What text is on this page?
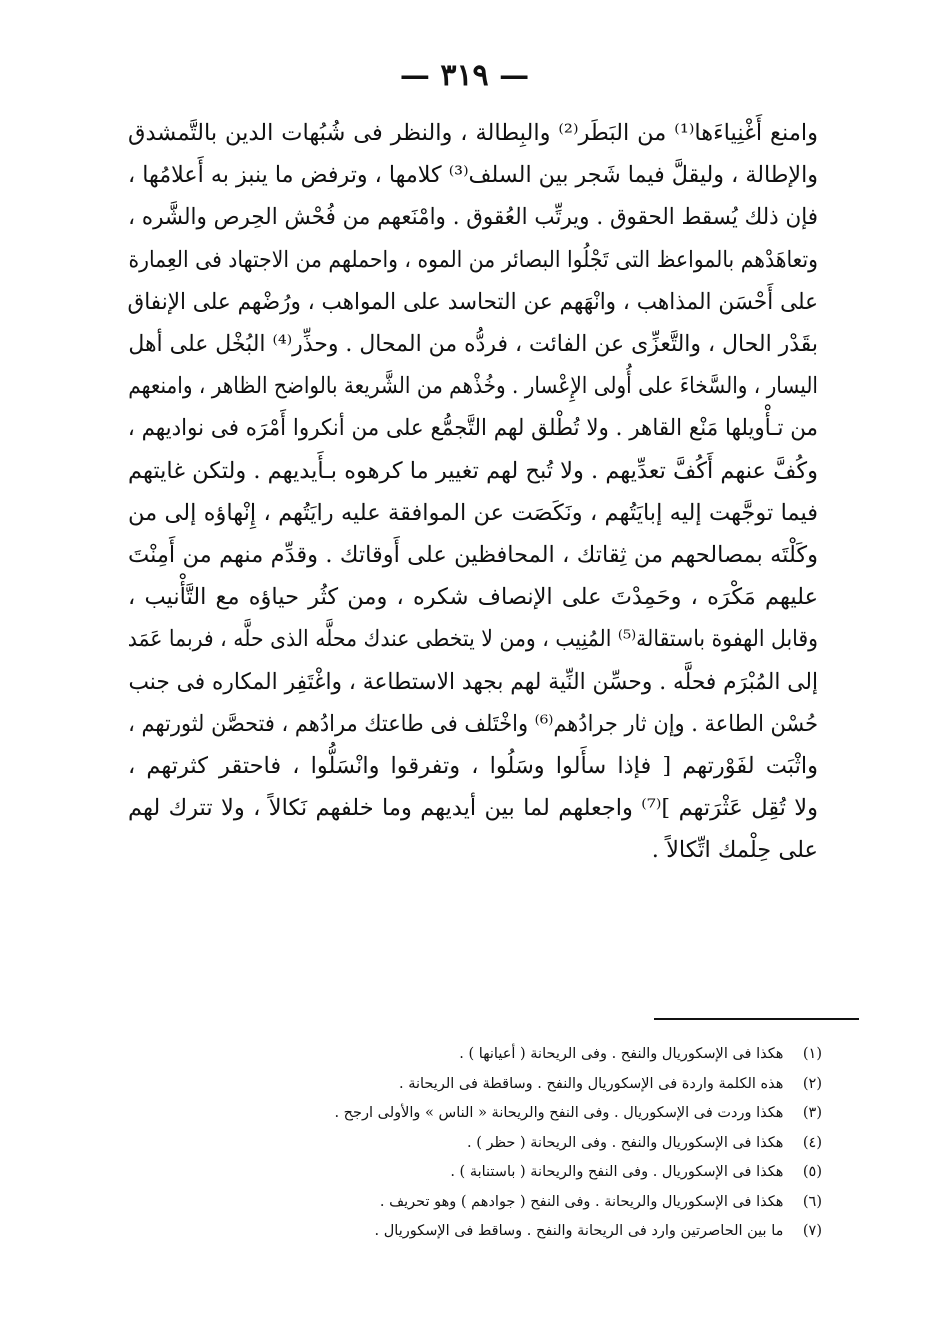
— ٣١٩ —
وامنع أَغْنِياءَها⁽¹⁾ من البَطَر⁽²⁾ والبِطالة ، والنظر فى شُبُهات الدين بالتَّمشدق
والإطالة ، وليقلَّ فيما شَجر بين السلف⁽³⁾ كلامها ، وترفض ما ينبز به أَعلامُها ،
فإن ذلك يُسقط الحقوق . ويرتِّب العُقوق . وامْنَعهم من فُحْش الحِرص والشَّره ،
وتعاهَدْهم بالمواعظ التى تَجْلُوا البصائر من الموه ، واحملهم من الاجتهاد فى العِمارة
على أَحْسَن المذاهب ، وانْهَهم عن التحاسد على المواهب ، ورُضْهم على الإنفاق
بقَدْر الحال ، والتَّعزِّى عن الفائت ، فردُّه من المحال . وحذِّر⁽⁴⁾ البُخْل على أهل
اليسار ، والسَّخاءَ على أُولى الإِعْسار . وخُذْهم من الشَّريعة بالواضح الظاهر ، وامنعهم
من تـأْويلها مَنْع القاهر . ولا تُطْلق لهم التَّجمُّع على من أنكروا أَمْرَه فى نواديهم ،
وكُفَّ عنهم أَكُفَّ تعدِّيهم . ولا تُبح لهم تغيير ما كرهوه بـأَيديهم . ولتكن غايتهم
فيما توجَّهت إليه إبايَتُهم ، ونَكَصَت عن الموافقة عليه رايَتُهم ، إِنْهاؤه إلى من
وكَلْتَه بمصالحهم من ثِقاتك ، المحافظين على أَوقاتك . وقدِّم منهم من أَمِنْتَ
عليهم مَكْرَه ، وحَمِدْتَ على الإنصاف شكره ، ومن كثُر حياؤه مع التَّأْنيب ،
وقابل الهفوة باستقالة⁽⁵⁾ المُنِيب ، ومن لا يتخطى عندك محلَّه الذى حلَّه ، فربما عَمَد
إلى المُبْرَم فحلَّه . وحسِّن النِّية لهم بجهد الاستطاعة ، واغْتَفِر المكاره فى جنب
حُسْن الطاعة . وإن ثار جرادُهم⁽⁶⁾ واخْتَلف فى طاعتك مرادُهم ، فتحصَّن لثورتهم ،
واثْبَت لفَوْرتهم [ فإذا سأَلوا وسَلُوا ، وتفرقوا وانْسَلُّوا ، فاحتقر كثرتهم ،
ولا تُقِل عَثْرَتهم ]⁽⁷⁾ واجعلهم لما بين أيديهم وما خلفهم نَكالاً ، ولا تترك لهم
على حِلْمك اتِّكالاً .
(١) هكذا فى الإسكوريال والنفح . وفى الريحانة ( أعيانها ) .
(٢) هذه الكلمة واردة فى الإسكوريال والنفح . وساقطة فى الريحانة .
(٣) هكذا وردت فى الإسكوريال . وفى النفح والريحانة « الناس » والأولى ارجح .
(٤) هكذا فى الإسكوريال والنفح . وفى الريحانة ( حظر ) .
(٥) هكذا فى الإسكوريال . وفى النفح والريحانة ( باستنابة ) .
(٦) هكذا فى الإسكوريال والريحانة . وفى النفح ( جوادهم ) وهو تحريف .
(٧) ما بين الحاصرتين وارد فى الريحانة والنفح . وساقط فى الإسكوريال .
